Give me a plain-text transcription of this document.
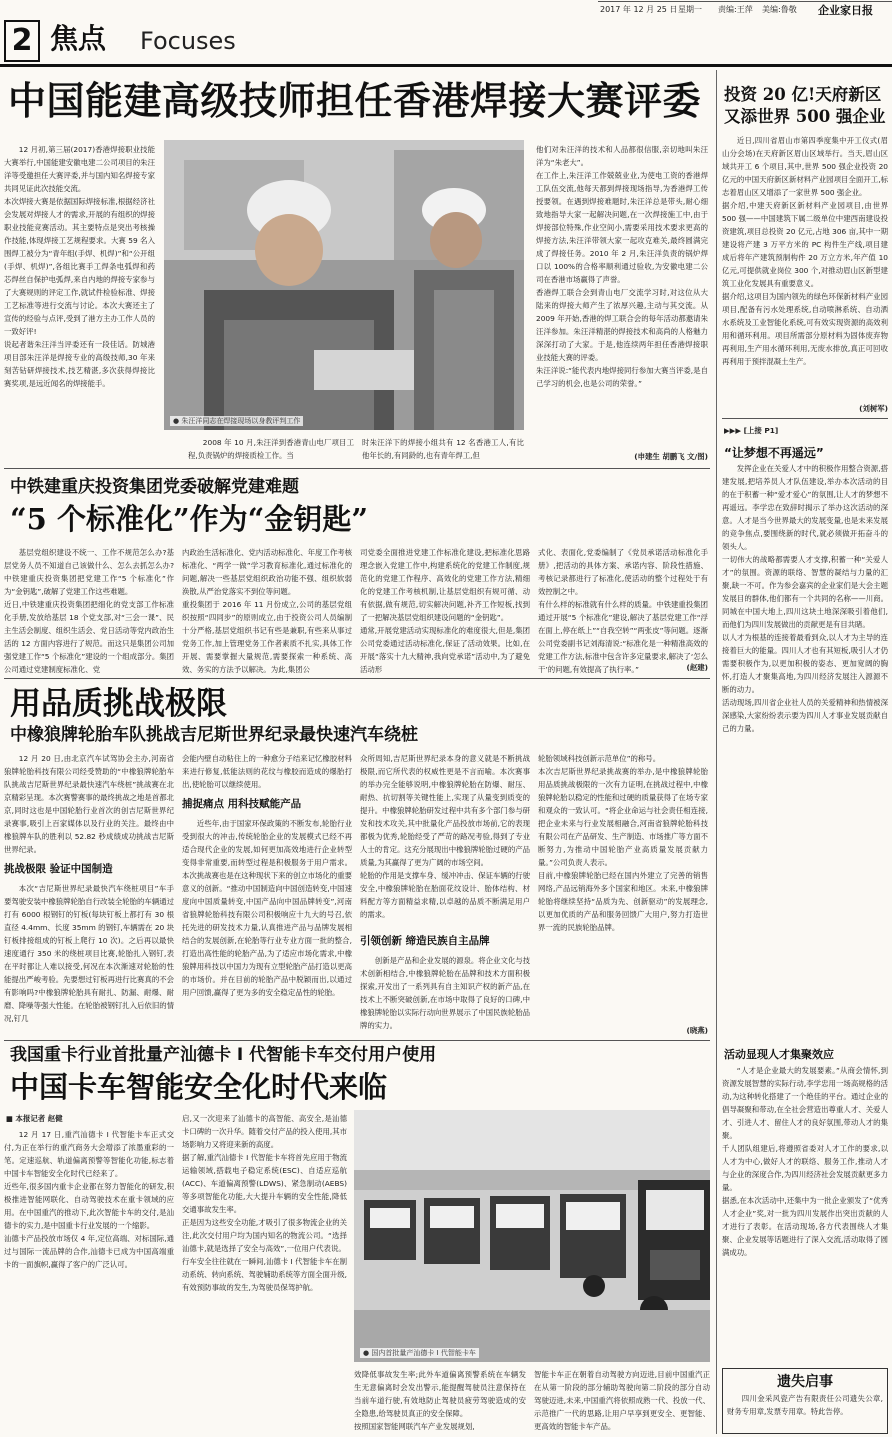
2017 年 12 月 25 日 星期一 责编:王萍 美编:鲁敬 企业家日报
2 焦点 Focuses
中国能建高级技师担任香港焊接大赛评委
12 月初,第三届(2017)香港焊接职业技能大赛举行,中国能建安徽电建二公司项目的朱汪洋等受邀担任大赛评委,并与国内知名焊接专家共同见证此次技能交流。
本次焊接大赛是依据国际焊接标准,根据经济社会发展对焊接人才的需求,开展的有组织的焊接职业技能竞赛活动。其主要特点是突出考核操作技能,体现焊接工艺规程要求。大赛 59 名入围焊工被分为“青年组(手焊、机焊)”和“公开组(手焊、机焊)”,各组比赛手工焊条电弧焊和药芯焊丝自保护电弧焊,来自内地的焊接专家参与了大赛规则的评定工作,就试件检验标准、焊接工艺标准等进行交流与讨论。本次大赛还主了宣传的经验与点评,受到了港方主办工作人员的一致好评!
说起者谐朱汪洋当评委还有一段佳话。防城港项目部朱汪洋是焊接专业的高级技师,30 年来刻苦钻研焊接技术,技艺精湛,多次获得焊接比赛奖项,是远近闻名的焊接能手。
● 朱汪洋同志在焊接现场以身教评判工作
2008 年 10 月,朱汪洋到香港青山电厂项目工程,负责锅炉的焊接质检工作。当
时朱汪洋下的焊接小组共有 12 名香港工人,有比他年长的,有同龄的,也有青年焊工,但
他们对朱汪洋的技术和人品都很信服,亲切地叫朱汪洋为“朱老大”。
在工作上,朱汪洋工作兢兢业业,为使电工资的香港焊工队伍交流,他每天都到焊接现场指导,为香港焊工传授要领。在遇到焊接难题时,朱汪洋总是带头,耐心细致地指导大家一起解决问题,在一次焊接施工中,由于焊接部位特殊,作业空间小,需要采用技术要求更高的焊接方法,朱汪洋带领大家一起攻克难关,最终圆满完成了焊接任务。2010 年 2 月,朱汪洋负责的锅炉焊口以 100%的合格率顺利通过验收,为安徽电建二公司在香港市场赢得了声誉。
香港焊工联合会到青山电厂交流学习时,对这位从大陆来的焊接大师产生了浓厚兴趣,主动与其交流。从 2009 年开始,香港的焊工联合会的每年活动都邀请朱汪洋参加。朱汪洋精湛的焊接技术和高尚的人格魅力深深打动了大家。于是,他连续两年担任香港焊接职业技能大赛的评委。
朱汪洋说:“能代表内地焊接同行参加大赛当评委,是自己学习的机会,也是公司的荣誉。”
(申建生 胡鹏飞 文/图)
中铁建重庆投资集团党委破解党建难题
“5 个标准化”作为“金钥匙”
基层党组织建设不统一、工作不规范怎么办?基层党务人员不知道自己该做什么、怎么去抓怎么办?中铁建重庆投资集团把党建工作“5 个标准化”作为“金钥匙”,破解了党建工作这些难题。
近日,中铁建重庆投资集团把细化的党支部工作标准化手册,发放给基层 18 个党支部,对“三会一课”、民主生活会制度、组织生活会、党日活动等党内政治生活的 12 方面内容进行了规范。而这只是集团公司加强党建工作“5 个标准化”建设的一个组成部分。集团公司通过党建制度标准化、党
内政治生活标准化、党内活动标准化、年度工作考核标准化、“两学一做”学习教育标准化,通过标准化的问题,解决一些基层党组织政治功能不强、组织软弱涣散,从严治党落实不到位等问题。
重投集团于 2016 年 11 月份成立,公司的基层党组织按照“四同步”的原则成立,由于投资公司人员编制十分严格,基层党组织书记有些是兼职,有些来从事过党务工作,加上管理党务工作者素质不扎实,具体工作开展、需要掌握大量规范,需要探索一种系统、高效、务实的方法予以解决。为此,集团公
司党委全面推进党建工作标准化建设,把标准化思路理念嵌入党建工作中,构建系统化的党建工作制度,规范化的党建工作程序、高效化的党建工作方法,精细化的党建工作考核机制,让基层党组织有规可循、动有依据,做有规范,切实解决问题,补齐工作短板,找到了一把解决基层党组织建设问题的“金钥匙”。
通常,开展党建活动实现标准化的难度很大,但是,集团公司党委通过活动标准化,保证了活动效果。比如,在开展“落实十九大精神,我向党承诺”活动中,为了避免活动形
式化、表面化,党委编制了《党员承诺活动标准化手册》,把活动的具体方案、承诺内容、阶段性措施、考核记录都进行了标准化,使活动的整个过程处于有效控制之中。
有什么样的标准就有什么样的质量。中铁建重投集团通过开展“5 个标准化”建设,解决了基层党建工作“浮在面上,停在纸上”“自我空转”“两张皮”等问题。逐渐公司党委副书记刘海清说:“标准化是一种精准高效的党建工作方法,标准中包含许多定量要求,解决了‘怎么干’的问题,有效提高了执行率。”	(赵建)
用品质挑战极限
中橡狼牌轮胎车队挑战吉尼斯世界纪录最快速汽车绕桩
12 月 20 日,由北京汽车试驾协会主办,河南省狼牌轮胎科技有限公司经受赞助的“中橡狼牌轮胎车队挑战吉尼斯世界纪录最快速汽车绕桩”挑战赛在北京精彩呈现。本次赛警赛事的最终挑战之地是首都北京,同时这也是中国轮胎行业首次的创吉尼斯世界纪录赛事,吸引上百家媒体以及行业的关注。最终由中橡狼牌车队的胜利以 52.82 秒成绩成功挑战吉尼斯世界纪录。
挑战极限 验证中国制造
本次“吉尼斯世界纪录最快汽车绕桩项目”车手要驾驶安装中橡狼牌轮胎自行改装全轮胎的车辆通过打有 6000 根钢钉的钉板(每块钉板上都打有 30 根直径 4.4mm、长度 35mm 的钢钉,车辆需在 20 块钉板排接组成的钉板上爬行 10 次)。之后再以最快速度通行 350 米的绕桩项目比赛,轮胎扎入钢钉,表在平时都让人难以接受,何况在本次渐速对轮胎的性能提出严峻考验。先要想过钉板再进行比赛真的不会有影响吗?中橡狼牌轮胎具有耐扎、防漏、耐爆、耐磨、降噪等强大性能。在轮胎被钢钉扎入后依旧的情况,钉几
会能内壁自动粘住上的一种愈分子结来记忆橡胶材料来进行修复,低能法则的花纹与橡胶而造成的爆胎打出,使轮胎可以继续使用。
捕捉痛点 用科技赋能产品
近些年,由于国家环保政策的不断发布,轮胎行业受到很大的冲击,传统轮胎企业的发展模式已经不再适合现代企业的发展,如何更加高效地进行企业转型变得非常重要,而转型过程是积极服务于用户需求。本次挑战赛也是在这种现状下来的创立市场化的重要意义的创新。“推动中国制造向中国创造转变,中国速度向中国质量转变,中国产品向中国品牌转变”,河南省狼牌轮胎科技有限公司积极响应十九大的号召,依托先进的研发技术力量,认真推进产品与品牌发展相结合的发展创新,在轮胎等行业专业方面一批的整合,打造出高性能的轮胎产品,为了适应市场化需求,中橡狼牌用科技以中国力为现有立型轮胎产品打造以更高的市场价。并在目前的轮胎产品中脱颖而出,以通过用户回馈,赢得了更为多的安全稳定品性的轮胎。
众所周知,吉尼斯世界纪录本身的意义就是不断挑战极限,而它所代表的权威性更是不言而喻。本次赛事的举办完全能够说明,中橡狼牌轮胎在防爆、耐压、耐热、抗切割等关键性能上,实现了从量变到质变的提升。中橡狼牌轮胎研发过程中共有多个部门参与研发和技术攻关,其中批量化产品投放市场前,它的表现都极为优秀,轮胎经受了严苛的路况考验,得到了专业人士的肯定。这充分展现出中橡狼牌轮胎过硬的产品质量,为其赢得了更为广阔的市场空间。
轮胎的作用是支撑车身、缓冲冲击、保证车辆的行驶安全,中橡狼牌轮胎在胎面花纹设计、胎体结构、材料配方等方面精益求精,以卓越的品质不断满足用户的需求。
引领创新 缔造民族自主品牌
创新是产品和企业发展的源泉。将企业文化与技术创新相结合,中橡狼牌轮胎在品牌和技术方面积极探索,开发出了一系列具有自主知识产权的新产品,在技术上不断突破创新,在市场中取得了良好的口碑,中橡狼牌轮胎以实际行动向世界展示了中国民族轮胎品牌的实力。
轮胎领域科技创新示范单位”的称号。
本次吉尼斯世界纪录挑战赛的举办,是中橡狼牌轮胎用品质挑战极限的一次有力证明,在挑战过程中,中橡狼牌轮胎以稳定的性能和过硬的质量获得了在场专家和观众的一致认可。“将企业命运与社会责任相连接,把企业未来与行业发展相融合,河南省狼牌轮胎科技有限公司在产品研发、生产制造、市场推广等方面不断努力,为推动中国轮胎产业高质量发展贡献力量。”公司负责人表示。
目前,中橡狼牌轮胎已经在国内外建立了完善的销售网络,产品远销海外多个国家和地区。未来,中橡狼牌轮胎将继续坚持“品质为先、创新驱动”的发展理念,以更加优质的产品和服务回馈广大用户,努力打造世界一流的民族轮胎品牌。
(晓燕)
我国重卡行业首批量产汕德卡 I 代智能卡车交付用户使用
中国卡车智能安全化时代来临
■ 本报记者 赵健
12 月 17 日,重汽汕德卡 I 代智能卡车正式交付,为正在举行的重汽商务大会增添了浓墨重彩的一笔。定速巡航、轨道偏离预警等智能化功能,标志着中国卡车智能安全化时代已经来了。
近些年,很多国内重卡企业都在努力智能化的研发,积极推进智能网联化、自动驾驶技术在重卡领域的应用。在中国重汽的推动下,此次智能卡车的交付,是汕德卡的实力,是中国重卡行业发展的一个缩影。
汕德卡产品投放市场仅 4 年,定位高端、对标国际,通过与国际一流品牌的合作,汕德卡已成为中国高端重卡的一面旗帜,赢得了客户的广泛认可。
启,又一次迎来了汕德卡的高智能、高安全,是汕德卡口碑的一次升华。随着交付产品的投入使用,其市场影响力又将迎来新的高度。
据了解,重汽汕德卡 I 代智能卡车将首先应用于物流运输领域,搭载电子稳定系统(ESC)、自适应巡航(ACC)、车道偏离预警(LDWS)、紧急制动(AEBS)等多项智能化功能,大大提升车辆的安全性能,降低交通事故发生率。
正是因为这些安全功能,才吸引了很多物流企业的关注,此次交付用户均为国内知名的物流公司。“选择汕德卡,就是选择了安全与高效”,一位用户代表说。
行车安全往往就在一瞬间,汕德卡 I 代智能卡车在制动系统、转向系统、驾驶辅助系统等方面全面升级,有效预防事故的发生,为驾驶员保驾护航。
● 国内首批量产汕德卡 I 代智能卡车
效降低事故发生率;此外车道偏离预警系统在车辆发生无意偏离时会发出警示,能提醒驾驶员注意保持在当前车道行驶,有效地防止驾驶员疲劳驾驶造成的安全隐患,给驾驶员真正的安全保障。
按照国家智能网联汽车产业发展规划,
智能卡车正在朝着自动驾驶方向迈进,目前中国重汽正在从第一阶段的部分辅助驾驶向第二阶段的部分自动驾驶迈进,未来,中国重汽将依照成熟一代、投放一代、示范推广一代的思路,让用户早享到更安全、更智能、更高效的智能卡车产品。
投资 20 亿!天府新区又添世界 500 强企业
近日,四川省眉山市第四季度集中开工仪式(眉山分会场)在天府新区眉山区域举行。当天,眉山区域共开工 6 个项目,其中,世界 500 强企业投资 20 亿元的中国天府新区新材料产业园项目全面开工,标志着眉山区又增添了一家世界 500 强企业。
据介绍,中建天府新区新材料产业园项目,由世界 500 强——中国建筑下属二级单位中建西南建设投资建筑,项目总投资 20 亿元,占地 306 亩,其中一期建设将产建 3 万平方米的 PC 构件生产线,项目建成后将年产建筑预制构件 20 万立方米,年产值 10 亿元,可提供就业岗位 300 个,对推动眉山区新型建筑工业化发展具有重要意义。
据介绍,这项目为国内领先的绿色环保新材料产业园项目,配备有污水处理系统,自动喷淋系统、自动洒水系统及工业智能化系统,可有效实现资源的高效利用和循环利用。项目所需部分原材料为固体废弃物再利用,生产用水循环利用,无废水排放,真正可回收再利用于预拌混凝土生产。
(刘树军)
▶▶▶ [上接 P1]
“让梦想不再遥远”
发挥企业在关爱人才中的积极作用整合资源,搭建发展,把培养员人才队伍建设,举办本次活动的目的在于积蓄一种“爱才爱心”的氛围,让人才的梦想不再遥远。李学忠在致辞时揭示了举办这次活动的深意。人才是当今世界最大的发展变量,也是未来发展的竞争焦点,要围绕新的时代,就必须做开拓奋斗的领头人。
一切伟大的战略都需要人才支撑,积蓄一种“关爱人才”的氛围。资源的联络、智慧的凝结与力量的汇聚,缺一不可。作为参会嘉宾的企业家们是大会主题发展目的群体,他们都有一个共同的名称——川商。同城在中国大地上,四川这块土地深深吸引着他们,而他们为四川发展做出的贡献更是有目共睹。
以人才为根基的连接着最看到众,以人才为主导的连接着巨大的能量。四川人才也有其短板,吸引人才仍需要积极作为,以更加积极的姿态、更加宽阔的胸怀,打造人才聚集高地,为四川经济发展注入源源不断的动力。
活动现场,四川省企业社人员的关爱精神和热情被深深感染,大家纷纷表示要为四川人才事业发展贡献自己的力量。
活动显现人才集聚效应
“人才是企业最大的发展要素。”从商会情怀,到资源发展智慧的实际行动,李学忠用一场高规格的活动,为这种转化搭建了一个绝佳的平台。通过企业的倡导凝聚和带动,在全社会营造出尊重人才、关爱人才、引进人才、留住人才的良好氛围,带动人才的集聚。
千人团队组建后,将遵照省委对人才工作的要求,以人才为中心,做好人才的联络、服务工作,推动人才与企业的深度合作,为四川经济社会发展贡献更多力量。
据悉,在本次活动中,还集中为一批企业颁发了“优秀人才企业”奖,对一批为四川发展作出突出贡献的人才进行了表彰。在活动现场,各方代表围绕人才集聚、企业发展等话题进行了深入交流,活动取得了圆满成功。
遗失启事
四川金采风瓷产告有限责任公司遗失公章,财务专用章,发票专用章。特此告停。
